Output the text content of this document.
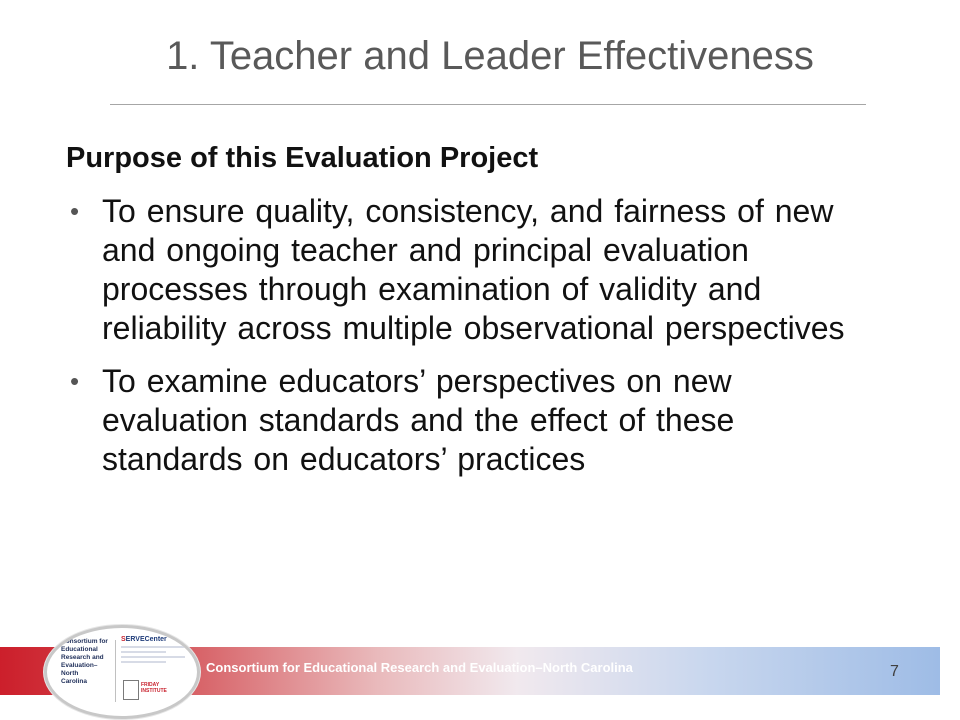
1. Teacher and Leader Effectiveness
Purpose of this Evaluation Project
• To ensure quality, consistency, and fairness of new and ongoing teacher and principal evaluation processes through examination of validity and reliability across multiple observational perspectives
• To examine educators’ perspectives on new evaluation standards and the effect of these standards on educators’ practices
Consortium for Educational Research and Evaluation–North Carolina	7
Consortium for
Educational
Research and
Evaluation–
North
Carolina
SERVECenter
FRIDAY INSTITUTE
